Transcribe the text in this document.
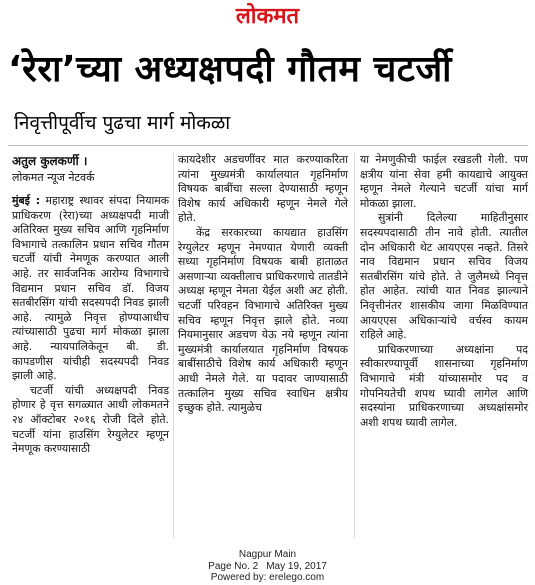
लोकमत
‘रेरा’च्या अध्यक्षपदी गौतम चटर्जी
निवृत्तीपूर्वीच पुढचा मार्ग मोकळा

अतुल कुलकर्णी ।

लोकमत न्यूज नेटवर्क

मुंबई : महाराष्ट्र स्थावर संपदा नियामक प्राधिकरण (रेरा)च्या अध्यक्षपदी माजी अतिरिक्त मुख्य सचिव आणि गृहनिर्माण विभागाचे तत्कालिन प्रधान सचिव गौतम चटर्जी यांची नेमणूक करण्यात आली आहे. तर सार्वजनिक आरोग्य विभागाचे विद्यमान प्रधान सचिव डॉ. विजय सतबीरसिंग यांची सदस्यपदी निवड झाली आहे. त्यामुळे निवृत्त होण्याआधीच त्यांच्यासाठी पुढचा मार्ग मोकळा झाला आहे. न्यायपालिकेतून बी. डी. कापडणीस यांचीही सदस्यपदी निवड झाली आहे.

चटर्जी यांची अध्यक्षपदी निवड होणार हे वृत्त सगळ्यात आधी लोकमतने २४ ऑक्टोबर २०१६ रोजी दिले होते. चटर्जी यांना हाउसिंग रेग्युलेटर म्हणून नेमणूक करण्यासाठी

कायदेशीर अडचणींवर मात करण्याकरिता त्यांना मुख्यमंत्री कार्यालयात गृहनिर्माण विषयक बाबींचा सल्ला देण्यासाठी म्हणून विशेष कार्य अधिकारी म्हणून नेमले गेले होते.

केंद्र सरकारच्या कायद्यात हाउसिंग रेग्युलेटर म्हणून नेमण्यात येणारी व्यक्ती सध्या गृहनिर्माण विषयक बाबी हाताळत असणाऱ्या व्यक्तीलाच प्राधिकरणाचे तातडीने अध्यक्ष म्हणून नेमता येईल अशी अट होती. चटर्जी परिवहन विभागाचे अतिरिक्त मुख्य सचिव म्हणून निवृत्त झाले होते. नव्या नियमानुसार अडचण येऊ नये म्हणून त्यांना मुख्यमंत्री कार्यालयात गृहनिर्माण विषयक बाबींसाठीचे विशेष कार्य अधिकारी म्हणून आधी नेमले गेले. या पदावर जाण्यासाठी तत्कालिन मुख्य सचिव स्वाधिन क्षत्रीय इच्छुक होते. त्यामुळेच

या नेमणुकीची फाईल रखडली गेली. पण क्षत्रीय यांना सेवा हमी कायद्याचे आयुक्त म्हणून नेमले गेल्याने चटर्जी यांचा मार्ग मोकळा झाला.

सुत्रांनी दिलेल्या माहितीनुसार सदस्यपदासाठी तीन नावे होती. त्यातील दोन अधिकारी थेट आयएएस नव्हते. तिसरे नाव विद्यमान प्रधान सचिव विजय सतबीरसिंग यांचे होते. ते जुलैमध्ये निवृत्त होत आहेत. त्यांची यात निवड झाल्याने निवृत्तीनंतर शासकीय जागा मिळविण्यात आयएएस अधिकाऱ्यांचे वर्चस्व कायम राहिले आहे.

प्राधिकरणाच्या अध्यक्षांना पद स्वीकारण्यापूर्वी शासनाच्या गृहनिर्माण विभागाचे मंत्री यांच्यासमोर पद व गोपनियतेची शपथ घ्यावी लागेल आणि सदस्यांना प्राधिकरणाच्या अध्यक्षांसमोर अशी शपथ घ्यावी लागेल.

Nagpur Main
Page No. 2 May 19, 2017
Powered by: erelego.com
